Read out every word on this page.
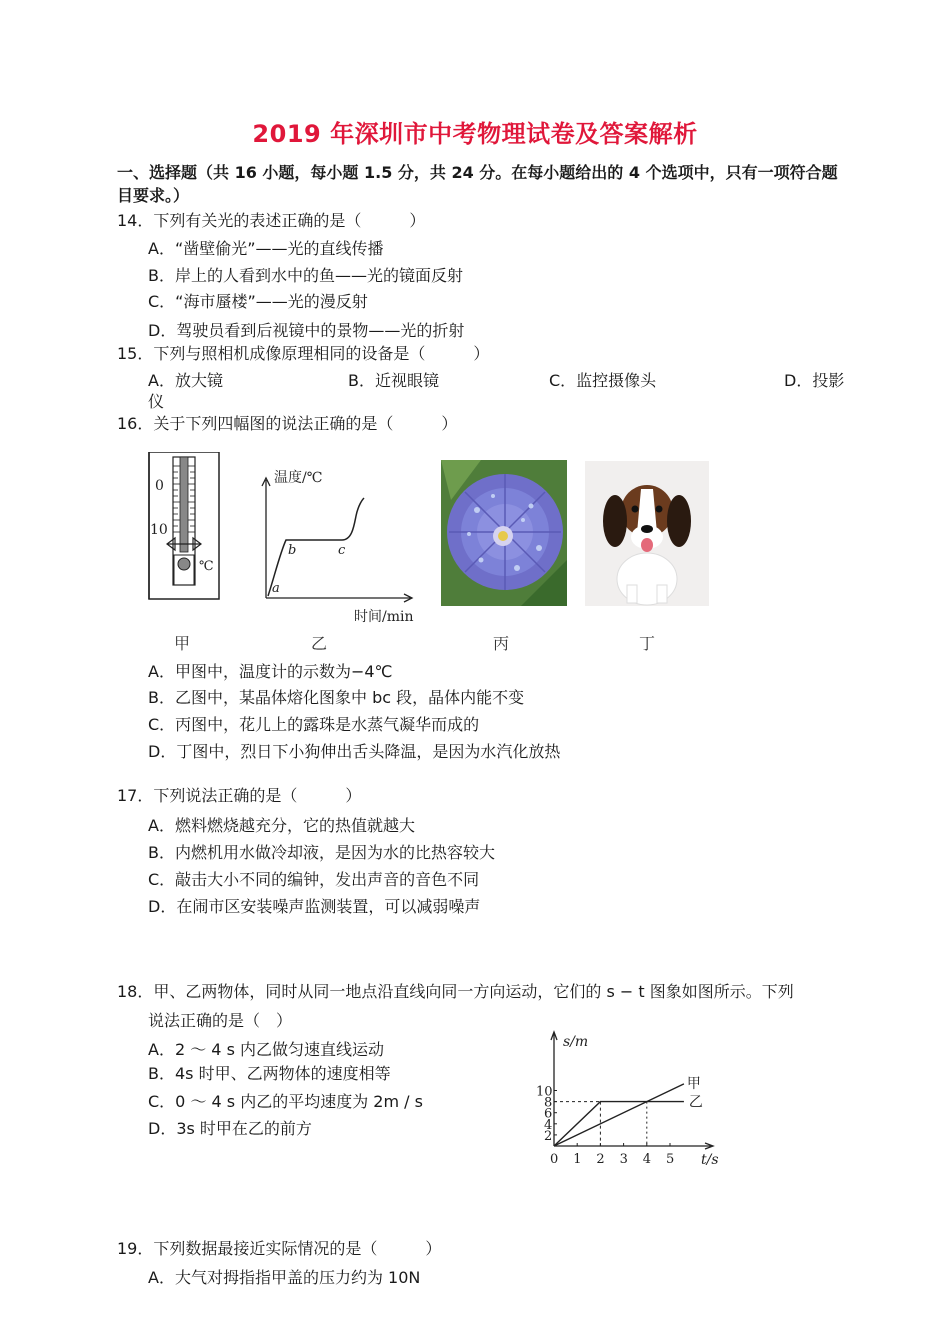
2019 年深圳市中考物理试卷及答案解析
一、选择题（共 16 小题，每小题 1.5 分，共 24 分。在每小题给出的 4 个选项中，只有一项符合题
目要求。）
14．下列有关光的表述正确的是（　　　）
A．“凿壁偷光”——光的直线传播
B．岸上的人看到水中的鱼——光的镜面反射
C．“海市蜃楼”——光的漫反射
D．驾驶员看到后视镜中的景物——光的折射
15．下列与照相机成像原理相同的设备是（　　　）
A．放大镜	B．近视眼镜	C．监控摄像头	D．投影
仪
16．关于下列四幅图的说法正确的是（　　　）
0
10
℃
温度/℃
时间/min
a
b	c
甲	乙	丙	丁
A．甲图中，温度计的示数为−4℃
B．乙图中，某晶体熔化图象中 bc 段，晶体内能不变
C．丙图中，花儿上的露珠是水蒸气凝华而成的
D．丁图中，烈日下小狗伸出舌头降温，是因为水汽化放热
17．下列说法正确的是（　　　）
A．燃料燃烧越充分，它的热值就越大
B．内燃机用水做冷却液，是因为水的比热容较大
C．敲击大小不同的编钟，发出声音的音色不同
D．在闹市区安装噪声监测装置，可以减弱噪声
18．甲、乙两物体，同时从同一地点沿直线向同一方向运动，它们的 s − t 图象如图所示。下列
说法正确的是（　）
A．2 ～ 4 s 内乙做匀速直线运动
B．4s 时甲、乙两物体的速度相等
C．0 ～ 4 s 内乙的平均速度为 2m / s
D．3s 时甲在乙的前方
s/m
t/s
0 1 2 3 4 5
2
4
6
8
10
甲
乙
19．下列数据最接近实际情况的是（　　　）
A．大气对拇指指甲盖的压力约为 10N
